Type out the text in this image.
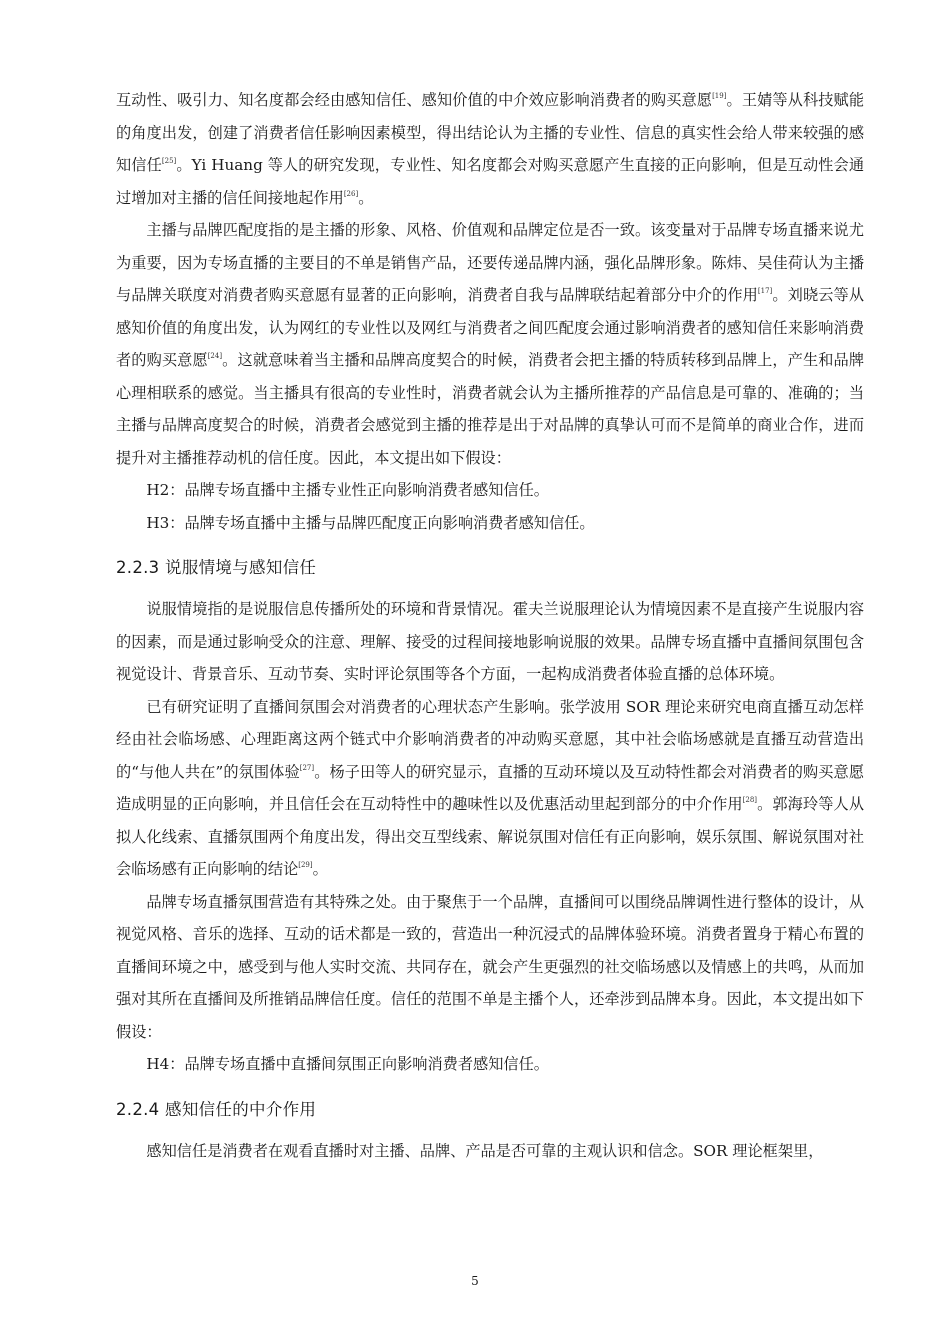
互动性、吸引力、知名度都会经由感知信任、感知价值的中介效应影响消费者的购买意愿[19]。王婧等从科技赋能的角度出发，创建了消费者信任影响因素模型，得出结论认为主播的专业性、信息的真实性会给人带来较强的感知信任[25]。Yi Huang 等人的研究发现，专业性、知名度都会对购买意愿产生直接的正向影响，但是互动性会通过增加对主播的信任间接地起作用[26]。

主播与品牌匹配度指的是主播的形象、风格、价值观和品牌定位是否一致。该变量对于品牌专场直播来说尤为重要，因为专场直播的主要目的不单是销售产品，还要传递品牌内涵，强化品牌形象。陈炜、吴佳荷认为主播与品牌关联度对消费者购买意愿有显著的正向影响，消费者自我与品牌联结起着部分中介的作用[17]。刘晓云等从感知价值的角度出发，认为网红的专业性以及网红与消费者之间匹配度会通过影响消费者的感知信任来影响消费者的购买意愿[24]。这就意味着当主播和品牌高度契合的时候，消费者会把主播的特质转移到品牌上，产生和品牌心理相联系的感觉。当主播具有很高的专业性时，消费者就会认为主播所推荐的产品信息是可靠的、准确的；当主播与品牌高度契合的时候，消费者会感觉到主播的推荐是出于对品牌的真挚认可而不是简单的商业合作，进而提升对主播推荐动机的信任度。因此，本文提出如下假设：

H2：品牌专场直播中主播专业性正向影响消费者感知信任。

H3：品牌专场直播中主播与品牌匹配度正向影响消费者感知信任。

2.2.3 说服情境与感知信任

说服情境指的是说服信息传播所处的环境和背景情况。霍夫兰说服理论认为情境因素不是直接产生说服内容的因素，而是通过影响受众的注意、理解、接受的过程间接地影响说服的效果。品牌专场直播中直播间氛围包含视觉设计、背景音乐、互动节奏、实时评论氛围等各个方面，一起构成消费者体验直播的总体环境。

已有研究证明了直播间氛围会对消费者的心理状态产生影响。张学波用 SOR 理论来研究电商直播互动怎样经由社会临场感、心理距离这两个链式中介影响消费者的冲动购买意愿，其中社会临场感就是直播互动营造出的“与他人共在”的氛围体验[27]。杨子田等人的研究显示，直播的互动环境以及互动特性都会对消费者的购买意愿造成明显的正向影响，并且信任会在互动特性中的趣味性以及优惠活动里起到部分的中介作用[28]。郭海玲等人从拟人化线索、直播氛围两个角度出发，得出交互型线索、解说氛围对信任有正向影响，娱乐氛围、解说氛围对社会临场感有正向影响的结论[29]。

品牌专场直播氛围营造有其特殊之处。由于聚焦于一个品牌，直播间可以围绕品牌调性进行整体的设计，从视觉风格、音乐的选择、互动的话术都是一致的，营造出一种沉浸式的品牌体验环境。消费者置身于精心布置的直播间环境之中，感受到与他人实时交流、共同存在，就会产生更强烈的社交临场感以及情感上的共鸣，从而加强对其所在直播间及所推销品牌信任度。信任的范围不单是主播个人，还牵涉到品牌本身。因此，本文提出如下假设：

H4：品牌专场直播中直播间氛围正向影响消费者感知信任。

2.2.4 感知信任的中介作用

感知信任是消费者在观看直播时对主播、品牌、产品是否可靠的主观认识和信念。SOR 理论框架里，

5
